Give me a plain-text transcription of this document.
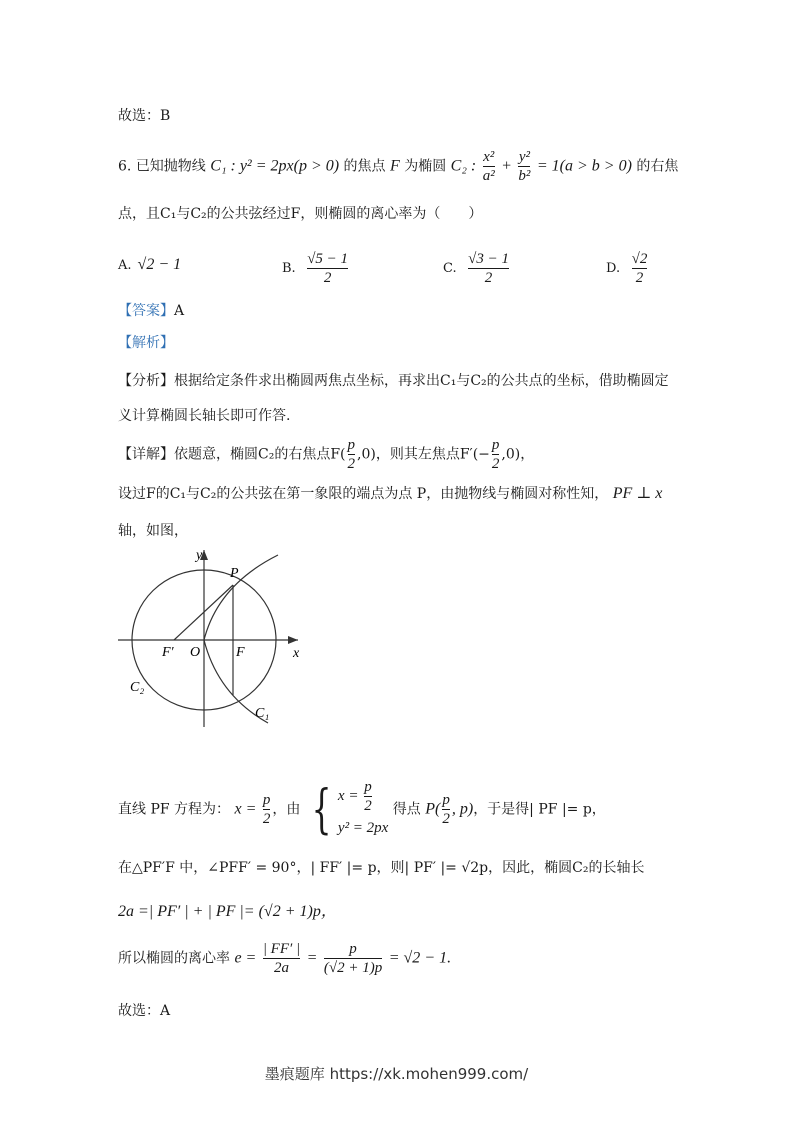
故选：B
6. 已知抛物线 C₁ : y² = 2px(p > 0) 的焦点 F 为椭圆 C₂ : $\frac{\text{x²}}{\text{a²}} + \frac{\text{y²}}{\text{b²}} = 1(a > b > 0)$ 的右焦
点，且C₁与C₂的公共弦经过F，则椭圆的离心率为（　　）
A. √2 − 1	B. $\frac{√5 - 1}{2}$	C. $\frac{√3 - 1}{2}$	D. $\frac{√2}{2}$
【答案】A
【解析】
【分析】根据给定条件求出椭圆两焦点坐标，再求出C₁与C₂的公共点的坐标，借助椭圆定
义计算椭圆长轴长即可作答.
【详解】依题意，椭圆C₂的右焦点$F( \frac{p}{2} ,0)$，则其左焦点$F'(- \frac{p}{2} ,0)$，
设过F的C₁与C₂的公共弦在第一象限的端点为点 P，由抛物线与椭圆对称性知， PF ⊥ x
轴，如图，
y
x
P
F′ O	F
C₂
C₁
直线 PF 方程为： $x = \frac{p}{2}$ ，由 { $x = \frac{p}{2}$
y² = 2px
得点 $P( \frac{p}{2}$ , p)，于是得| PF |= p，
在△PF′F 中，∠PFF′ = 90°，| FF′ |= p，则| PF′ |= √2p，因此，椭圆C₂的长轴长
2a =| PF′ | + | PF |= (√2 + 1)p，
所以椭圆的离心率 $e = \frac{| FF' |}{2a} = \frac{p}{(√2 + 1)p} = √2 - 1$.
故选：A
墨痕题库 https://xk.mohen999.com/
